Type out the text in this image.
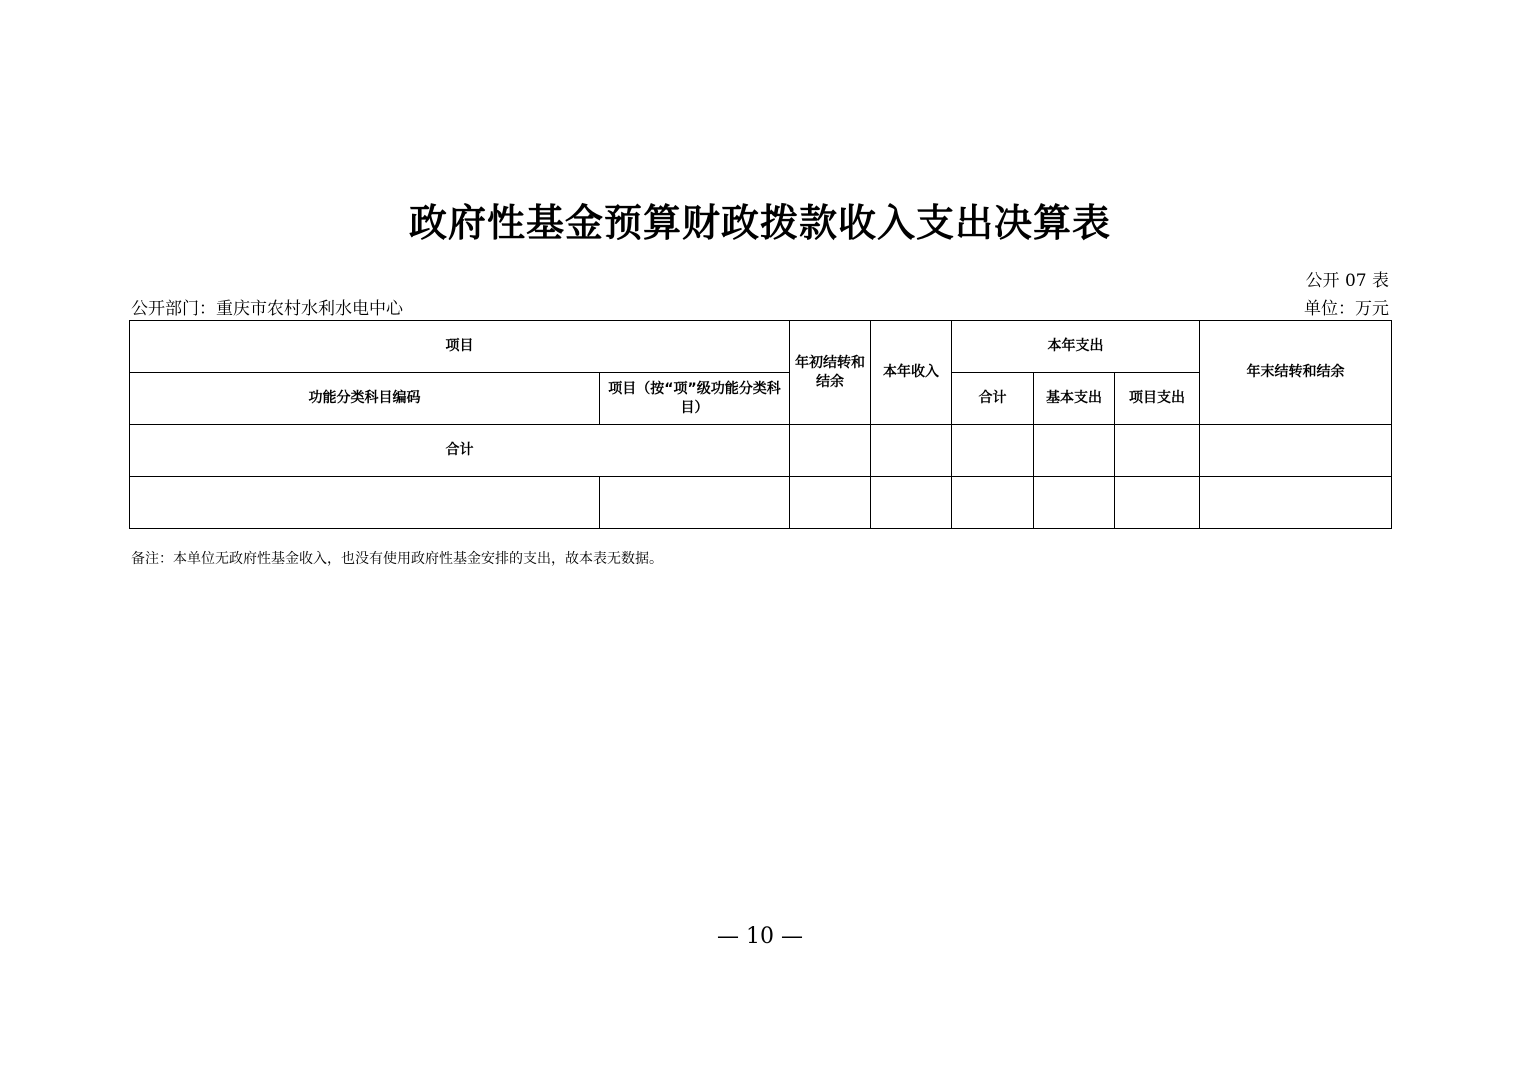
政府性基金预算财政拨款收入支出决算表
公开 07 表
公开部门：重庆市农村水利水电中心	单位：万元
项目		年初结转和结余	本年收入	本年支出			年末结转和结余
功能分类科目编码	项目（按“项”级功能分类科目）			合计	基本支出	项目支出	
合计							

备注：本单位无政府性基金收入，也没有使用政府性基金安排的支出，故本表无数据。
— 10 —
